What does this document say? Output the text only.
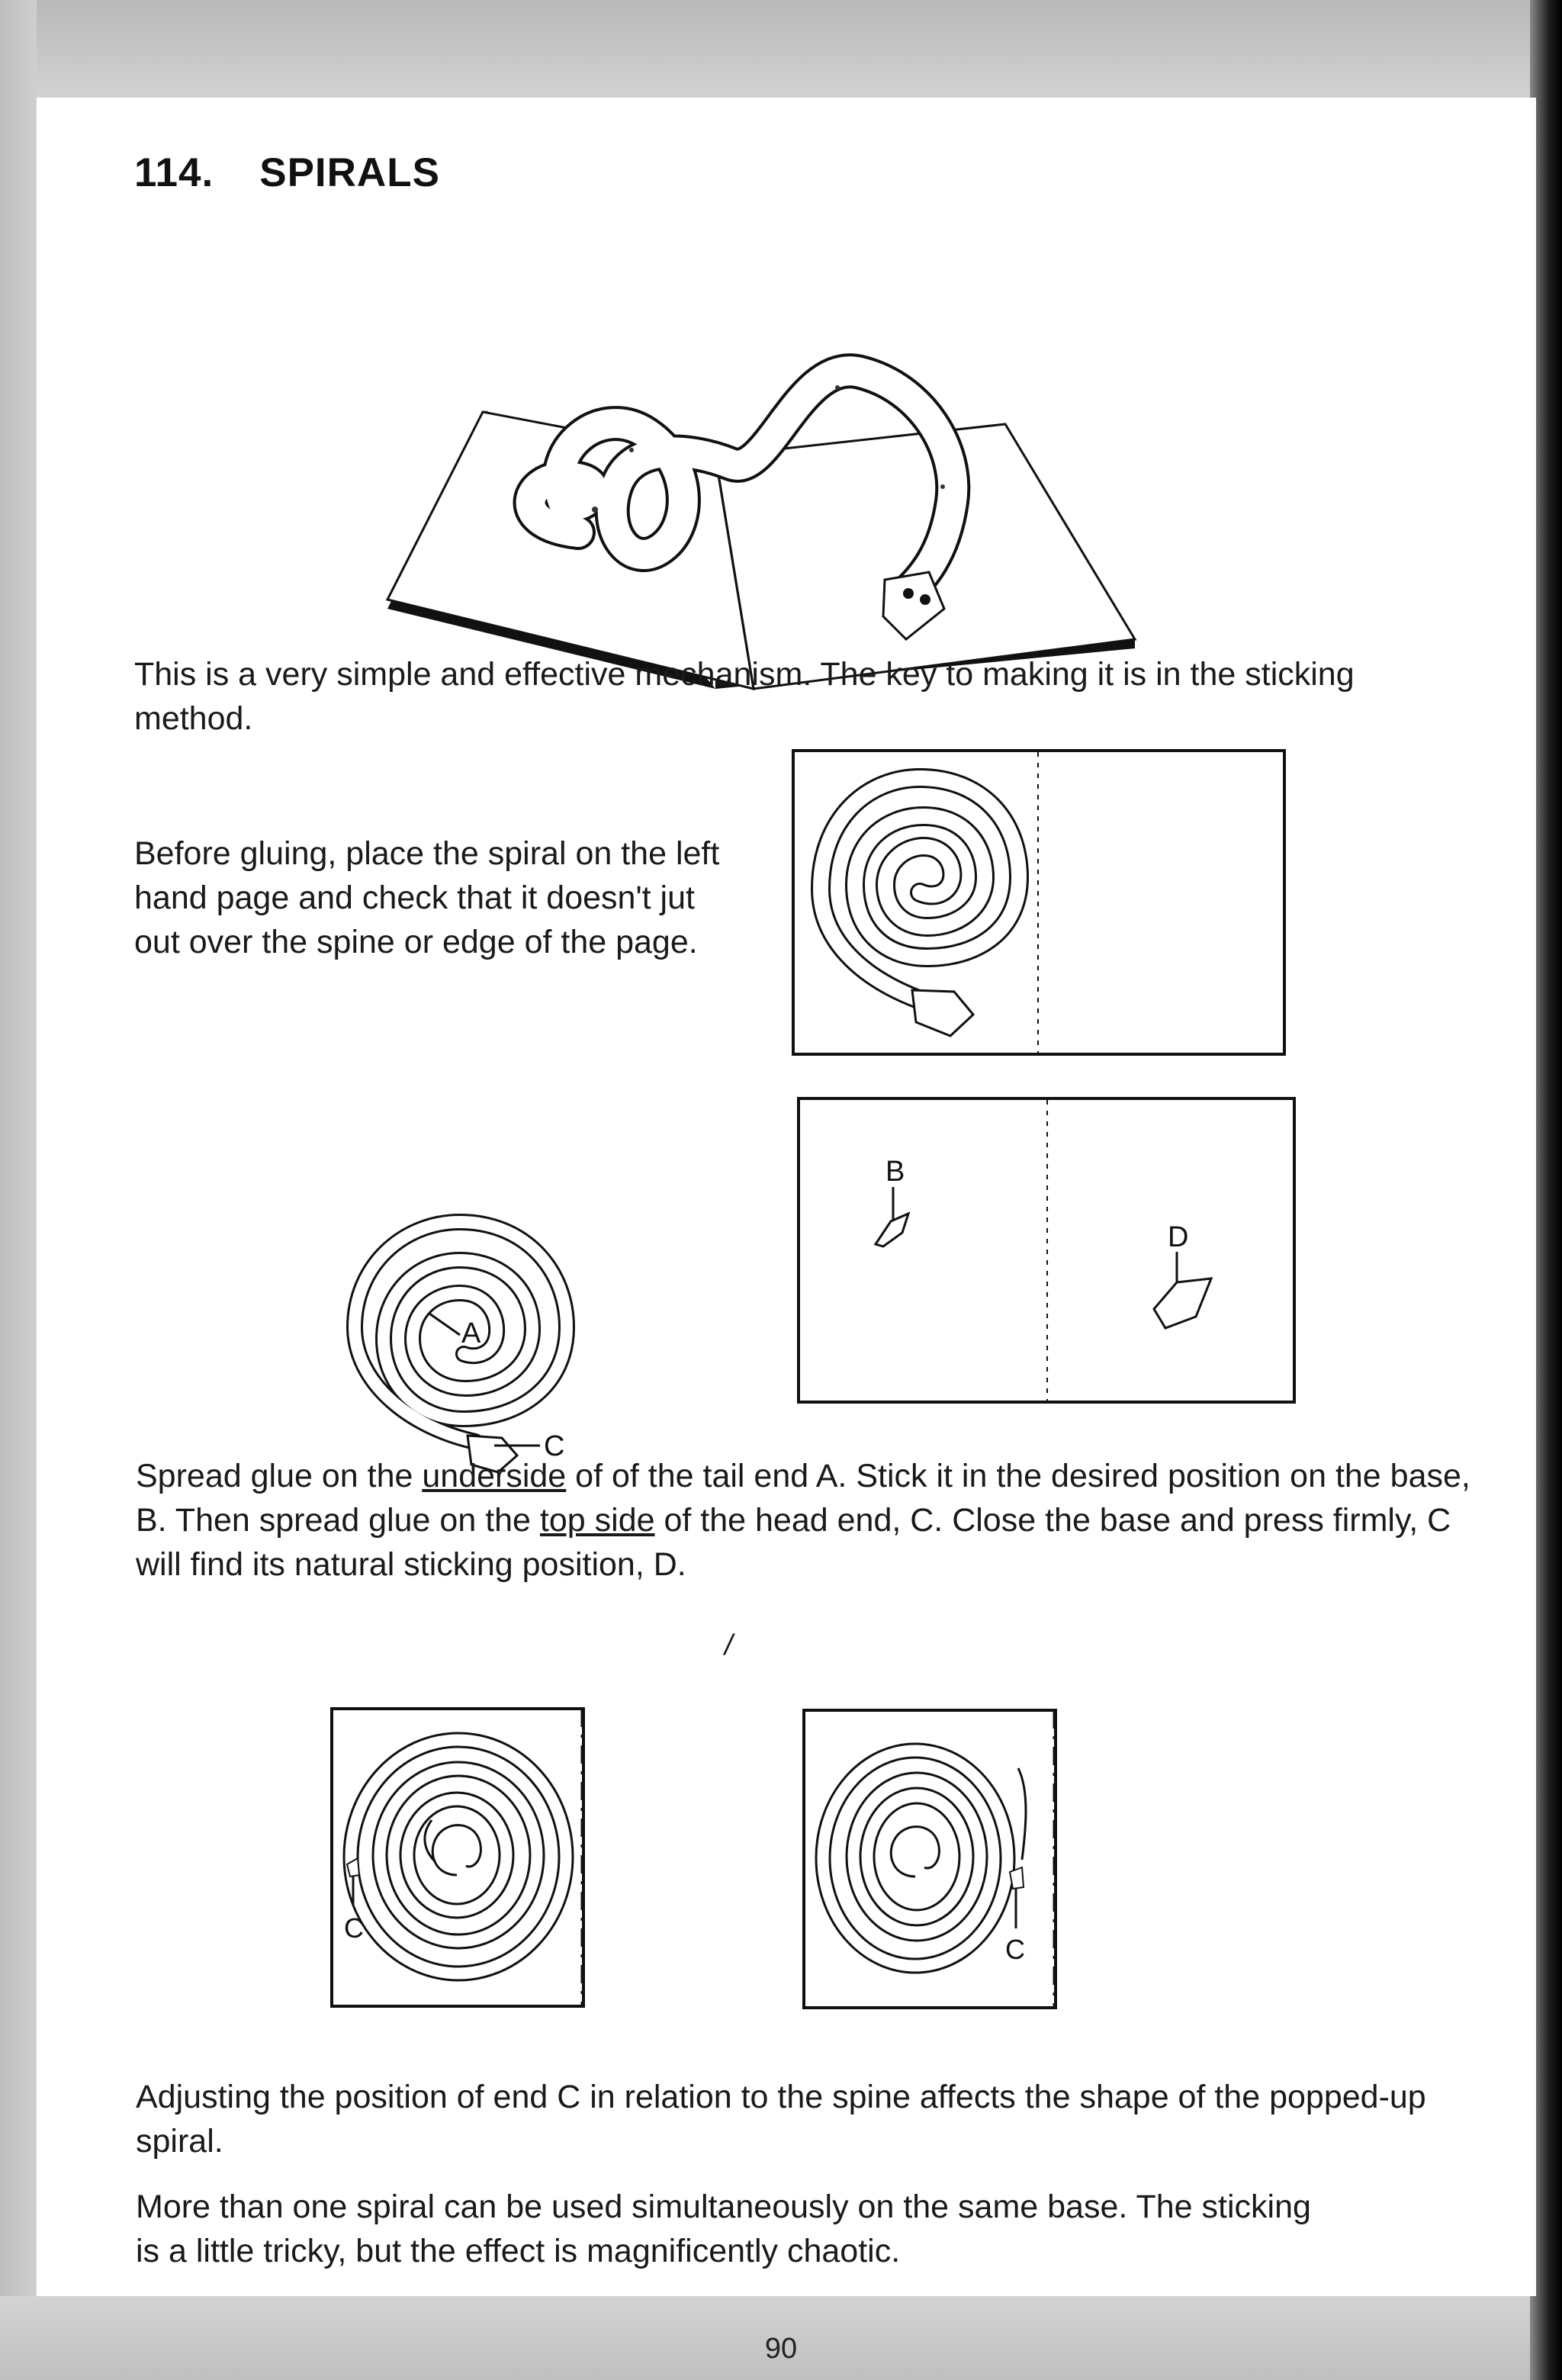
114. SPIRALS

This is a very simple and effective mechanism. The key to making it is in the sticking method.

Before gluing, place the spiral on the left hand page and check that it doesn't jut out over the spine or edge of the page.

A
C
B
D

Spread glue on the underside of of the tail end A. Stick it in the desired position on the base, B. Then spread glue on the top side of the head end, C. Close the base and press firmly, C will find its natural sticking position, D.

/

C
C

Adjusting the position of end C in relation to the spine affects the shape of the popped-up spiral.

More than one spiral can be used simultaneously on the same base. The sticking is a little tricky, but the effect is magnificently chaotic.

90
